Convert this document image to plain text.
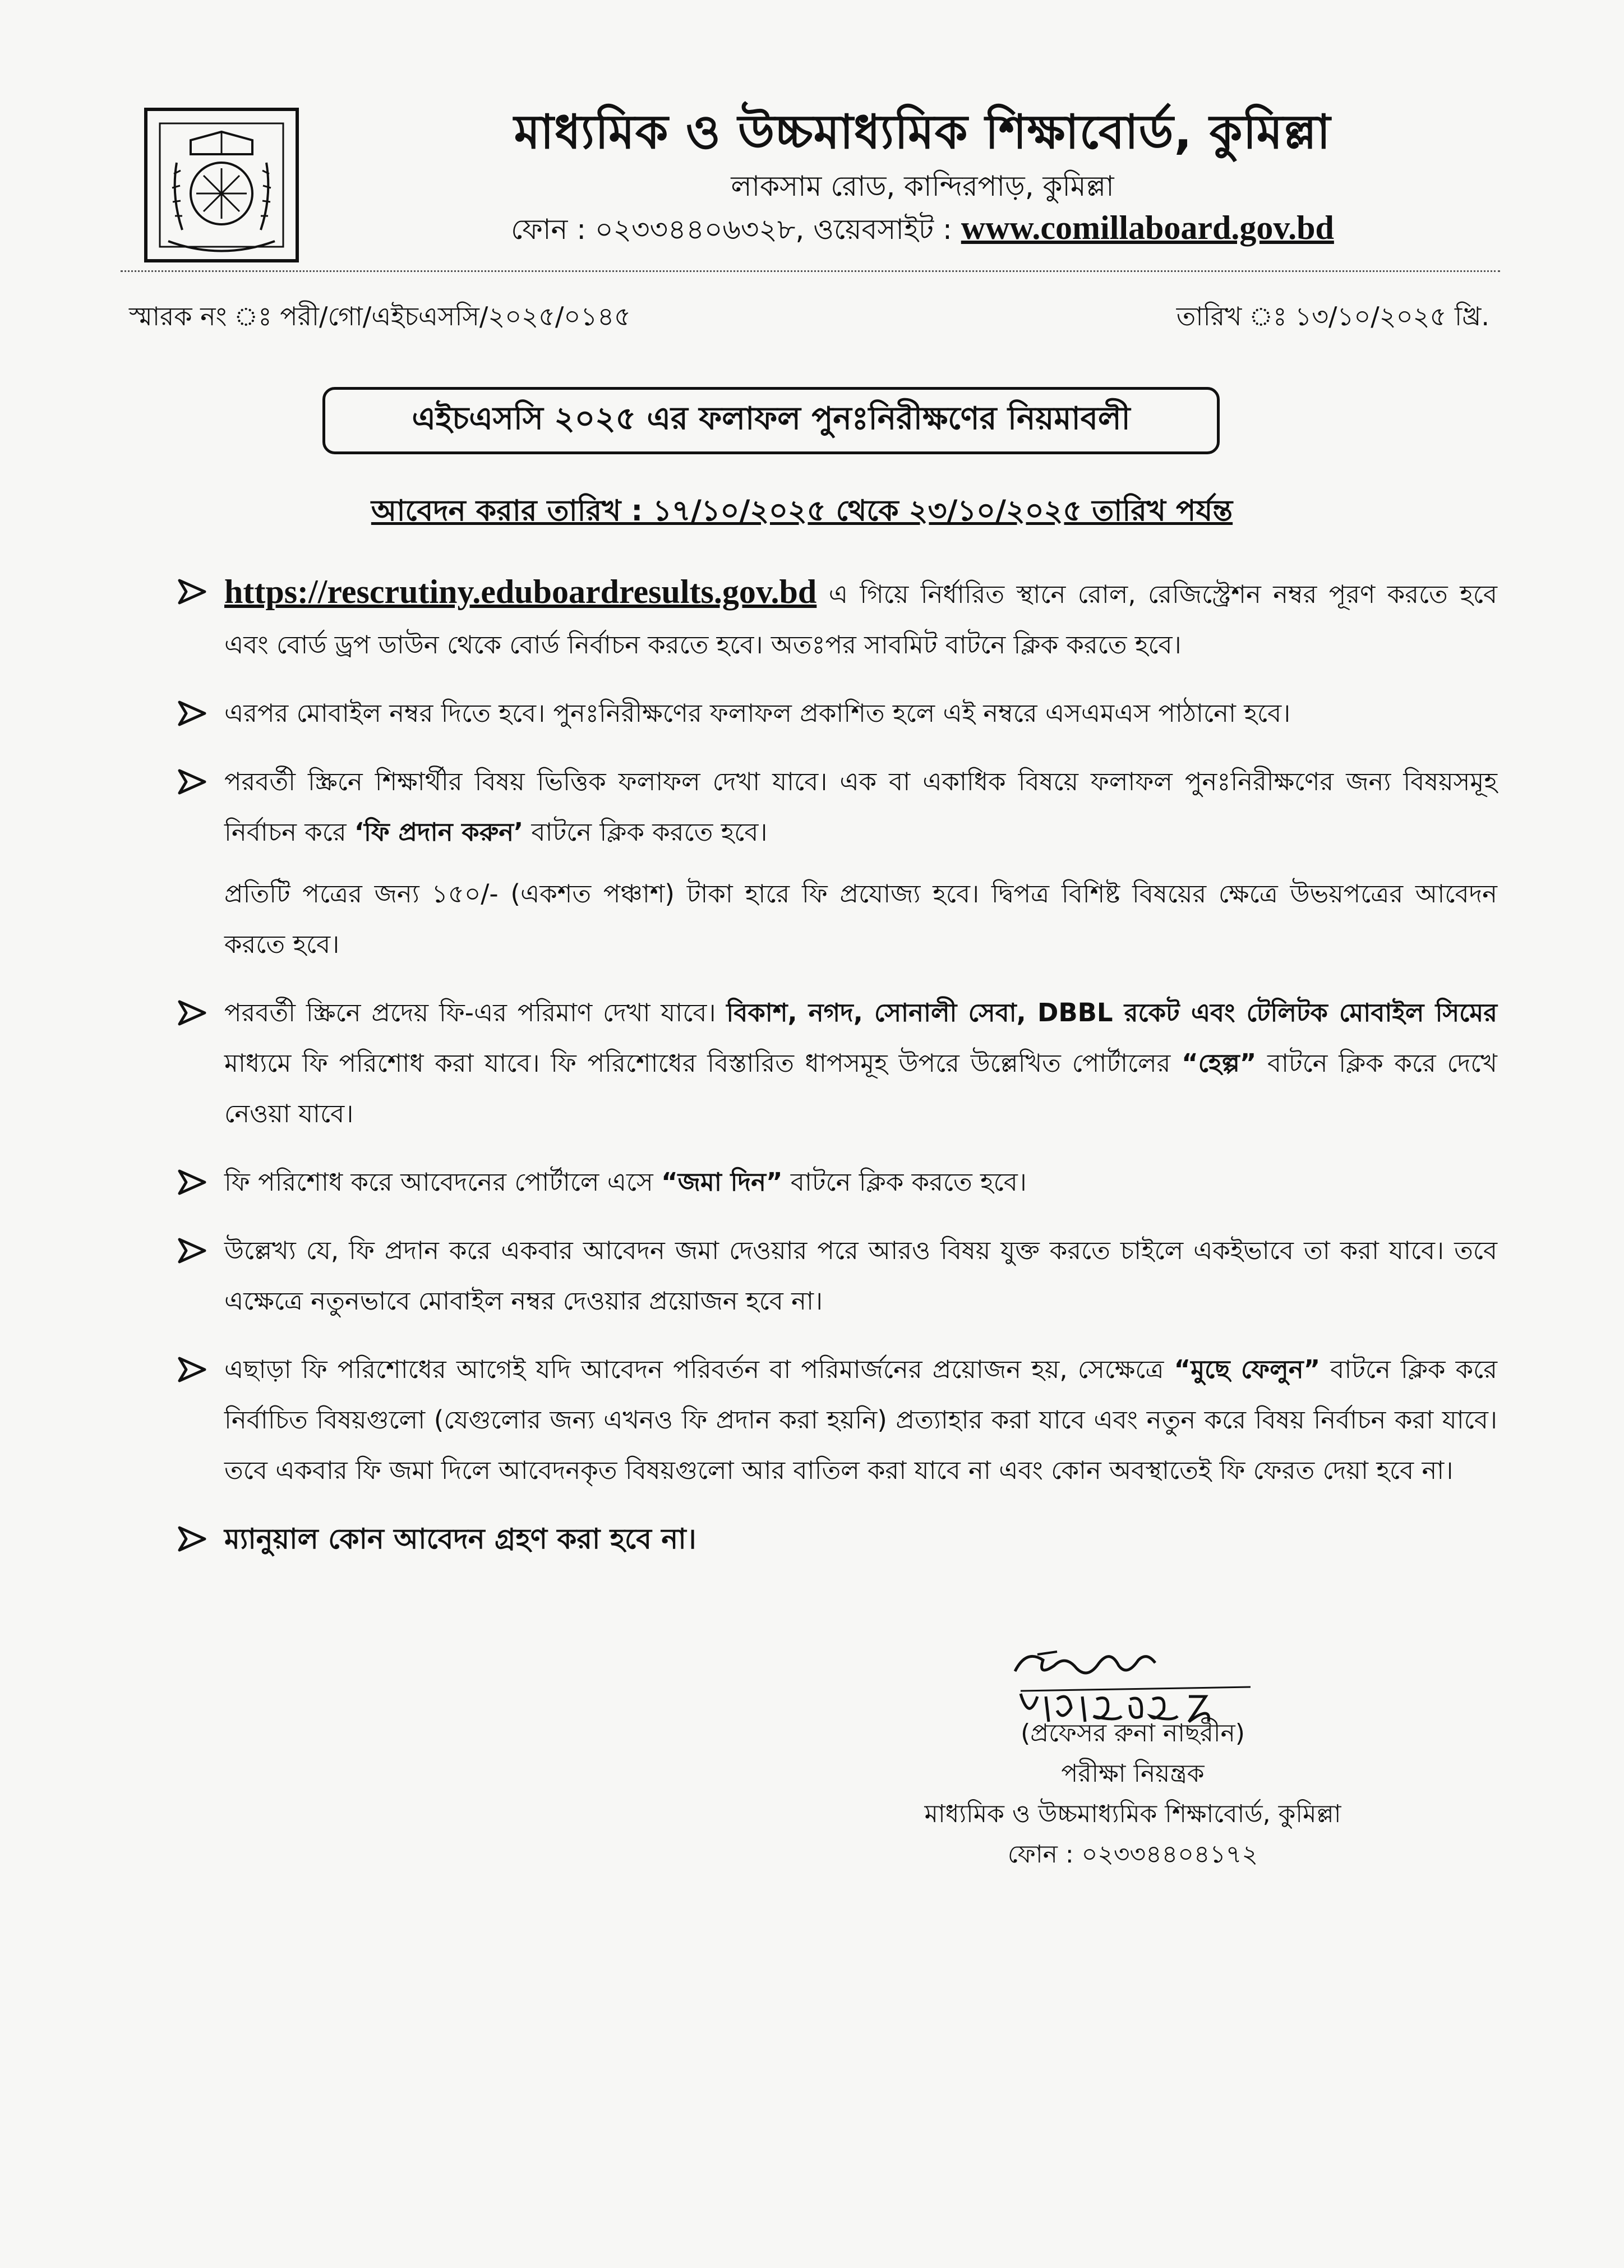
মাধ্যমিক ও উচ্চমাধ্যমিক শিক্ষাবোর্ড, কুমিল্লা
লাকসাম রোড, কান্দিরপাড়, কুমিল্লা
ফোন : ০২৩৩৪৪০৬৩২৮, ওয়েবসাইট : www.comillaboard.gov.bd
স্মারক নং ঃ পরী/গো/এইচএসসি/২০২৫/০১৪৫	তারিখ ঃ ১৩/১০/২০২৫ খ্রি.
এইচএসসি ২০২৫ এর ফলাফল পুনঃনিরীক্ষণের নিয়মাবলী
আবেদন করার তারিখ : ১৭/১০/২০২৫ থেকে ২৩/১০/২০২৫ তারিখ পর্যন্ত
https://rescrutiny.eduboardresults.gov.bd এ গিয়ে নির্ধারিত স্থানে রোল, রেজিস্ট্রেশন নম্বর পূরণ করতে হবে এবং বোর্ড ড্রপ ডাউন থেকে বোর্ড নির্বাচন করতে হবে। অতঃপর সাবমিট বাটনে ক্লিক করতে হবে।
এরপর মোবাইল নম্বর দিতে হবে। পুনঃনিরীক্ষণের ফলাফল প্রকাশিত হলে এই নম্বরে এসএমএস পাঠানো হবে।
পরবর্তী স্ক্রিনে শিক্ষার্থীর বিষয় ভিত্তিক ফলাফল দেখা যাবে। এক বা একাধিক বিষয়ে ফলাফল পুনঃনিরীক্ষণের জন্য বিষয়সমূহ নির্বাচন করে ‘ফি প্রদান করুন’ বাটনে ক্লিক করতে হবে।
প্রতিটি পত্রের জন্য ১৫০/- (একশত পঞ্চাশ) টাকা হারে ফি প্রযোজ্য হবে। দ্বিপত্র বিশিষ্ট বিষয়ের ক্ষেত্রে উভয়পত্রের আবেদন করতে হবে।
পরবর্তী স্ক্রিনে প্রদেয় ফি-এর পরিমাণ দেখা যাবে। বিকাশ, নগদ, সোনালী সেবা, DBBL রকেট এবং টেলিটক মোবাইল সিমের মাধ্যমে ফি পরিশোধ করা যাবে। ফি পরিশোধের বিস্তারিত ধাপসমূহ উপরে উল্লেখিত পোর্টালের “হেল্প” বাটনে ক্লিক করে দেখে নেওয়া যাবে।
ফি পরিশোধ করে আবেদনের পোর্টালে এসে “জমা দিন” বাটনে ক্লিক করতে হবে।
উল্লেখ্য যে, ফি প্রদান করে একবার আবেদন জমা দেওয়ার পরে আরও বিষয় যুক্ত করতে চাইলে একইভাবে তা করা যাবে। তবে এক্ষেত্রে নতুনভাবে মোবাইল নম্বর দেওয়ার প্রয়োজন হবে না।
এছাড়া ফি পরিশোধের আগেই যদি আবেদন পরিবর্তন বা পরিমার্জনের প্রয়োজন হয়, সেক্ষেত্রে “মুছে ফেলুন” বাটনে ক্লিক করে নির্বাচিত বিষয়গুলো (যেগুলোর জন্য এখনও ফি প্রদান করা হয়নি) প্রত্যাহার করা যাবে এবং নতুন করে বিষয় নির্বাচন করা যাবে। তবে একবার ফি জমা দিলে আবেদনকৃত বিষয়গুলো আর বাতিল করা যাবে না এবং কোন অবস্থাতেই ফি ফেরত দেয়া হবে না।
ম্যানুয়াল কোন আবেদন গ্রহণ করা হবে না।
(প্রফেসর রুনা নাছরীন)
পরীক্ষা নিয়ন্ত্রক
মাধ্যমিক ও উচ্চমাধ্যমিক শিক্ষাবোর্ড, কুমিল্লা
ফোন : ০২৩৩৪৪০৪১৭২
